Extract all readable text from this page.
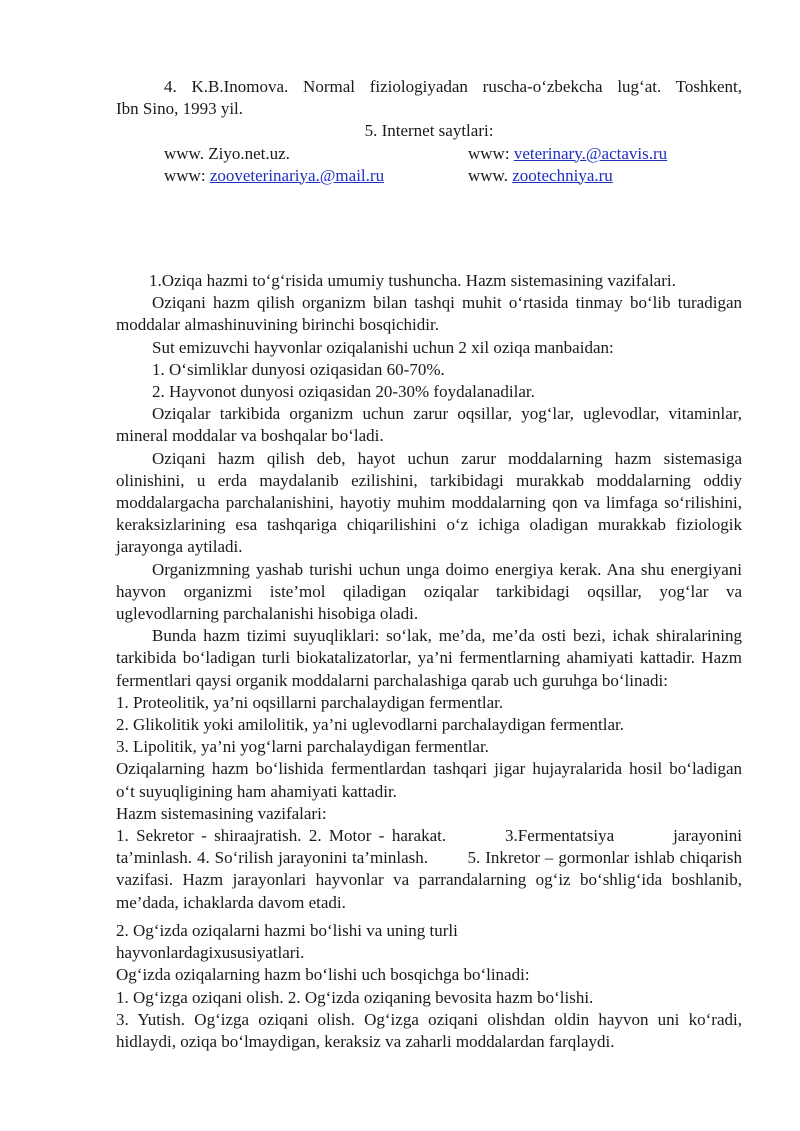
4. K.B.Inomova. Normal fiziologiyadan ruscha-o‘zbekcha lug‘at. Toshkent,

Ibn Sino, 1993 yil.

5. Internet saytlari:

www. Ziyo.net.uz.	www: veterinary.@actavis.ru
www: zooveterinariya.@mail.ru	www. zootechniya.ru

1.Oziqa hazmi to‘g‘risida umumiy tushuncha. Hazm sistemasining vazifalari.

Oziqani hazm qilish organizm bilan tashqi muhit o‘rtasida tinmay bo‘lib turadigan moddalar almashinuvining birinchi bosqichidir.

Sut emizuvchi hayvonlar oziqalanishi uchun 2 xil oziqa manbaidan:

1. O‘simliklar dunyosi oziqasidan 60-70%.

2. Hayvonot dunyosi oziqasidan 20-30% foydalanadilar.

Oziqalar tarkibida organizm uchun zarur oqsillar, yog‘lar, uglevodlar, vitaminlar, mineral moddalar va boshqalar bo‘ladi.

Oziqani hazm qilish deb, hayot uchun zarur moddalarning hazm sistemasiga olinishini, u erda maydalanib ezilishini, tarkibidagi murakkab moddalarning oddiy moddalargacha parchalanishini, hayotiy muhim moddalarning qon va limfaga so‘rilishini, keraksizlarining esa tashqariga chiqarilishini o‘z ichiga oladigan murakkab fiziologik jarayonga aytiladi.

Organizmning yashab turishi uchun unga doimo energiya kerak. Ana shu energiyani hayvon organizmi iste’mol qiladigan oziqalar tarkibidagi oqsillar, yog‘lar va uglevodlarning parchalanishi hisobiga oladi.

Bunda hazm tizimi suyuqliklari: so‘lak, me’da, me’da osti bezi, ichak shiralarining tarkibida bo‘ladigan turli biokatalizatorlar, ya’ni fermentlarning ahamiyati kattadir. Hazm fermentlari qaysi organik moddalarni parchalashiga qarab uch guruhga bo‘linadi:

1. Proteolitik, ya’ni oqsillarni parchalaydigan fermentlar.

2. Glikolitik yoki amilolitik, ya’ni uglevodlarni parchalaydigan fermentlar.

3. Lipolitik, ya’ni yog‘larni parchalaydigan fermentlar.

Oziqalarning hazm bo‘lishida fermentlardan tashqari jigar hujayralarida hosil bo‘ladigan o‘t suyuqligining ham ahamiyati kattadir.

Hazm sistemasining vazifalari:

1. Sekretor - shiraajratish. 2. Motor - harakat.        3.Fermentatsiya        jarayonini ta’minlash. 4. So‘rilish jarayonini ta’minlash.        5. Inkretor – gormonlar ishlab chiqarish vazifasi. Hazm jarayonlari hayvonlar va parrandalarning og‘iz bo‘shlig‘ida boshlanib, me’dada, ichaklarda davom etadi.

2. Og‘izda oziqalarni hazmi bo‘lishi va uning turli

hayvonlardagixususiyatlari.

Og‘izda oziqalarning hazm bo‘lishi uch bosqichga bo‘linadi:

1. Og‘izga oziqani olish. 2. Og‘izda oziqaning bevosita hazm bo‘lishi.

3. Yutish. Og‘izga oziqani olish. Og‘izga oziqani olishdan oldin hayvon uni ko‘radi, hidlaydi, oziqa bo‘lmaydigan, keraksiz va zaharli moddalardan farqlaydi.
